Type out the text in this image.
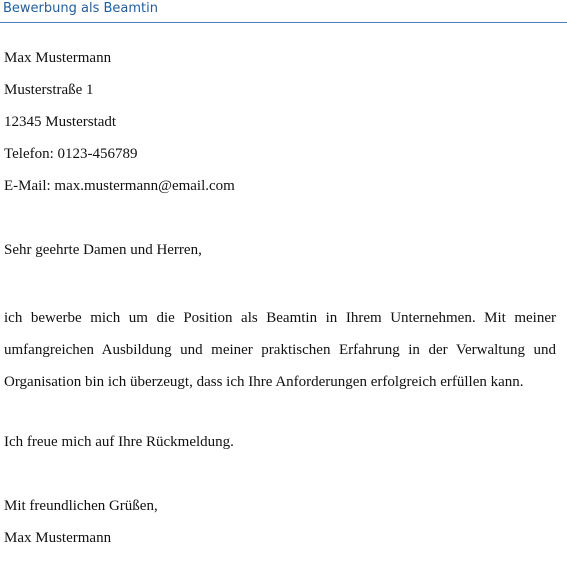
Bewerbung als Beamtin
Max Mustermann
Musterstraße 1
12345 Musterstadt
Telefon: 0123-456789
E-Mail: max.mustermann@email.com
Sehr geehrte Damen und Herren,
ich bewerbe mich um die Position als Beamtin in Ihrem Unternehmen. Mit meiner umfangreichen Ausbildung und meiner praktischen Erfahrung in der Verwaltung und Organisation bin ich überzeugt, dass ich Ihre Anforderungen erfolgreich erfüllen kann.
Ich freue mich auf Ihre Rückmeldung.
Mit freundlichen Grüßen,
Max Mustermann
